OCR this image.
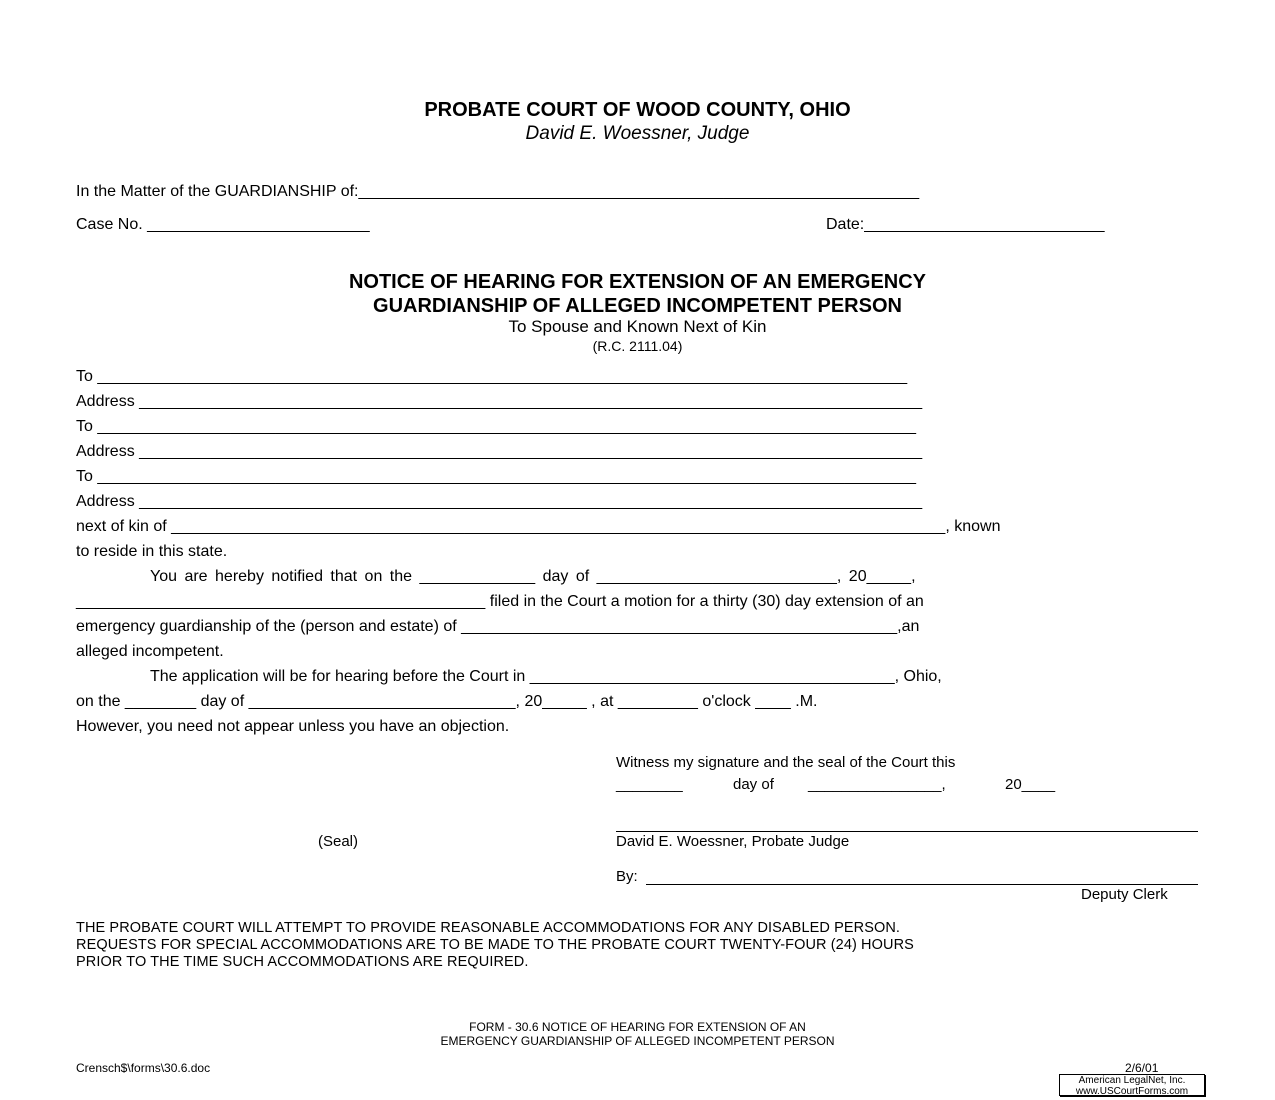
PROBATE COURT OF WOOD COUNTY, OHIO
David E. Woessner, Judge
In the Matter of the GUARDIANSHIP of:_______________________________________________________________
Case No. _________________________	Date:___________________________
NOTICE OF HEARING FOR EXTENSION OF AN EMERGENCY
GUARDIANSHIP OF ALLEGED INCOMPETENT PERSON
To Spouse and Known Next of Kin
(R.C. 2111.04)
To ___________________________________________________________________________________________
Address ________________________________________________________________________________________
To ____________________________________________________________________________________________
Address ________________________________________________________________________________________
To ____________________________________________________________________________________________
Address ________________________________________________________________________________________
next of kin of _______________________________________________________________________________________, known
to reside in this state.
You are hereby notified that on the _____________ day of ___________________________, 20_____,
______________________________________________ filed in the Court a motion for a thirty (30) day extension of an
emergency guardianship of the (person and estate) of _________________________________________________,an
alleged incompetent.
The application will be for hearing before the Court in _________________________________________, Ohio,
on the ________ day of ______________________________, 20_____ , at _________ o'clock ____ .M.
However, you need not appear unless you have an objection.
Witness my signature and the seal of the Court this
________	day of ________________,	20____
(Seal)	David E. Woessner, Probate Judge
By:
Deputy Clerk
THE PROBATE COURT WILL ATTEMPT TO PROVIDE REASONABLE ACCOMMODATIONS FOR ANY DISABLED PERSON.
REQUESTS FOR SPECIAL ACCOMMODATIONS ARE TO BE MADE TO THE PROBATE COURT TWENTY-FOUR (24) HOURS
PRIOR TO THE TIME SUCH ACCOMMODATIONS ARE REQUIRED.
FORM - 30.6 NOTICE OF HEARING FOR EXTENSION OF AN
EMERGENCY GUARDIANSHIP OF ALLEGED INCOMPETENT PERSON
Crensch$\forms\30.6.doc	2/6/01
American LegalNet, Inc.
www.USCourtForms.com
